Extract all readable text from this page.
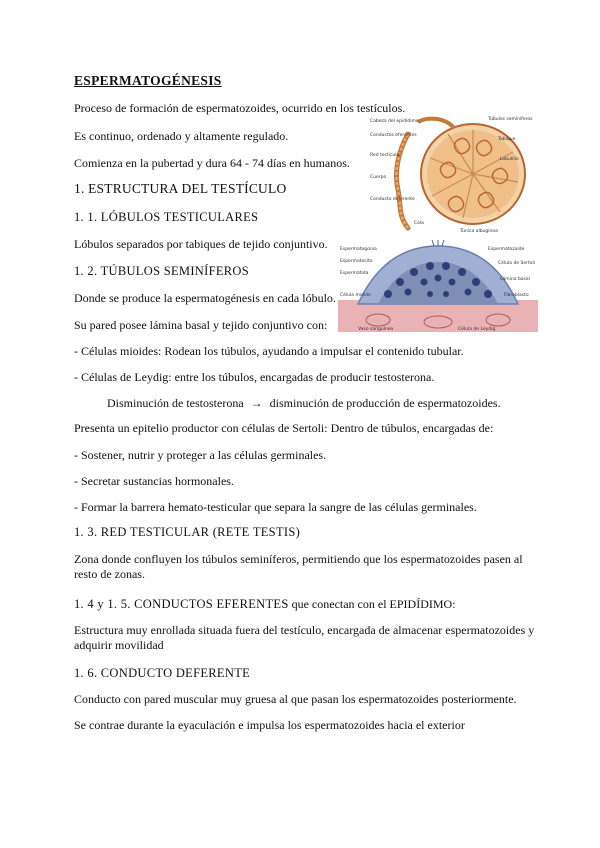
ESPERMATOGÉNESIS
Proceso de formación de espermatozoides, ocurrido en los testículos.
Es continuo, ordenado y altamente regulado.
Comienza en la pubertad y dura 64 - 74 días en humanos.
1. ESTRUCTURA DEL TESTÍCULO
1. 1. LÓBULOS TESTICULARES
Lóbulos separados por tabiques de tejido conjuntivo.
1. 2. TÚBULOS SEMINÍFEROS
Donde se produce la espermatogénesis en cada lóbulo.
Su pared posee lámina basal y tejido conjuntivo con:
- Células mioides: Rodean los túbulos, ayudando a impulsar el contenido tubular.
- Células de Leydig: entre los túbulos, encargadas de producir testosterona.
Disminución de testosterona → disminución de producción de espermatozoides.
Presenta un epitelio productor con células de Sertoli: Dentro de túbulos, encargadas de:
- Sostener, nutrir y proteger a las células germinales.
- Secretar sustancias hormonales.
- Formar la barrera hemato-testicular que separa la sangre de las células germinales.
1. 3. RED TESTICULAR (RETE TESTIS)
Zona donde confluyen los túbulos seminíferos, permitiendo que los espermatozoides pasen al resto de zonas.
1. 4 y 1. 5. CONDUCTOS EFERENTES que conectan con el EPIDÍDIMO:
Estructura muy enrollada situada fuera del testículo, encargada de almacenar espermatozoides y adquirir movilidad
1. 6. CONDUCTO DEFERENTE
Conducto con pared muscular muy gruesa al que pasan los espermatozoides posteriormente.
Se contrae durante la eyaculación e impulsa los espermatozoides hacia el exterior
Cabeza del epidídimo
Conductos eferentes
Túbulos seminíferos
Tabique
Lobulillo
Red testicular
Cuerpo
Conducto deferente
Cola
Túnica albugínea
Espermatogonia
Espermatocito
Espermátida
Espermatozoide
Célula de Sertoli
Lámina basal
Célula mioide
Vaso sanguíneo	Célula de Leydig
Fibroblasto
